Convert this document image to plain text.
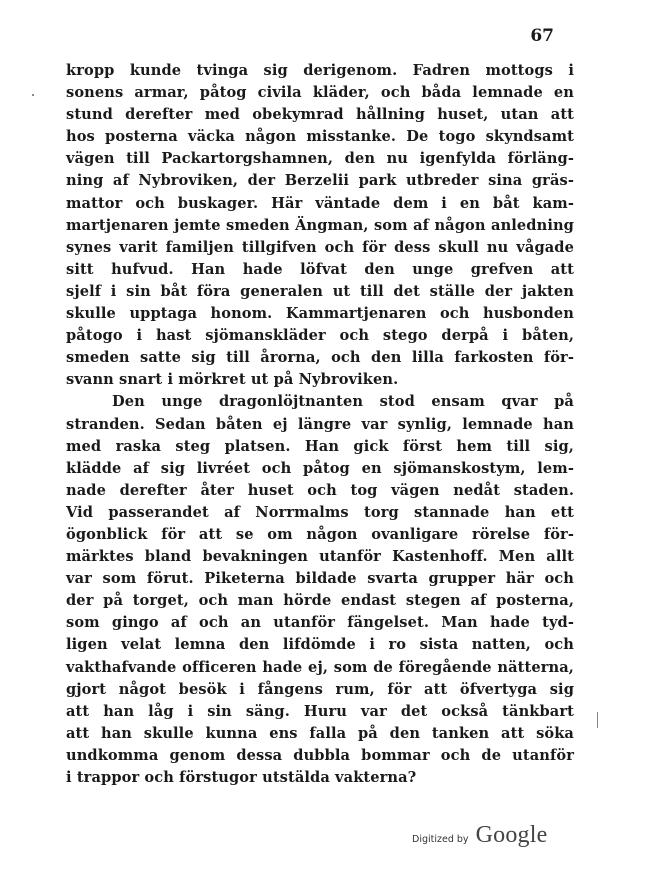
67
kropp kunde tvinga sig derigenom. Fadren mottogs i
sonens armar, påtog civila kläder, och båda lemnade en
stund derefter med obekymrad hållning huset, utan att
hos posterna väcka någon misstanke. De togo skyndsamt
vägen till Packartorgshamnen, den nu igenfylda förläng-
ning af Nybroviken, der Berzelii park utbreder sina gräs-
mattor och buskager. Här väntade dem i en båt kam-
martjenaren jemte smeden Ängman, som af någon anledning
synes varit familjen tillgifven och för dess skull nu vågade
sitt hufvud. Han hade löfvat den unge grefven att
sjelf i sin båt föra generalen ut till det ställe der jakten
skulle upptaga honom. Kammartjenaren och husbonden
påtogo i hast sjömanskläder och stego derpå i båten,
smeden satte sig till årorna, och den lilla farkosten för-
svann snart i mörkret ut på Nybroviken.
Den unge dragonlöjtnanten stod ensam qvar på
stranden. Sedan båten ej längre var synlig, lemnade han
med raska steg platsen. Han gick först hem till sig,
klädde af sig livréet och påtog en sjömanskostym, lem-
nade derefter åter huset och tog vägen nedåt staden.
Vid passerandet af Norrmalms torg stannade han ett
ögonblick för att se om någon ovanligare rörelse för-
märktes bland bevakningen utanför Kastenhoff. Men allt
var som förut. Piketerna bildade svarta grupper här och
der på torget, och man hörde endast stegen af posterna,
som gingo af och an utanför fängelset. Man hade tyd-
ligen velat lemna den lifdömde i ro sista natten, och
vakthafvande officeren hade ej, som de föregående nätterna,
gjort något besök i fångens rum, för att öfvertyga sig
att han låg i sin säng. Huru var det också tänkbart
att han skulle kunna ens falla på den tanken att söka
undkomma genom dessa dubbla bommar och de utanför
i trappor och förstugor utstälda vakterna?
Digitized by Google
